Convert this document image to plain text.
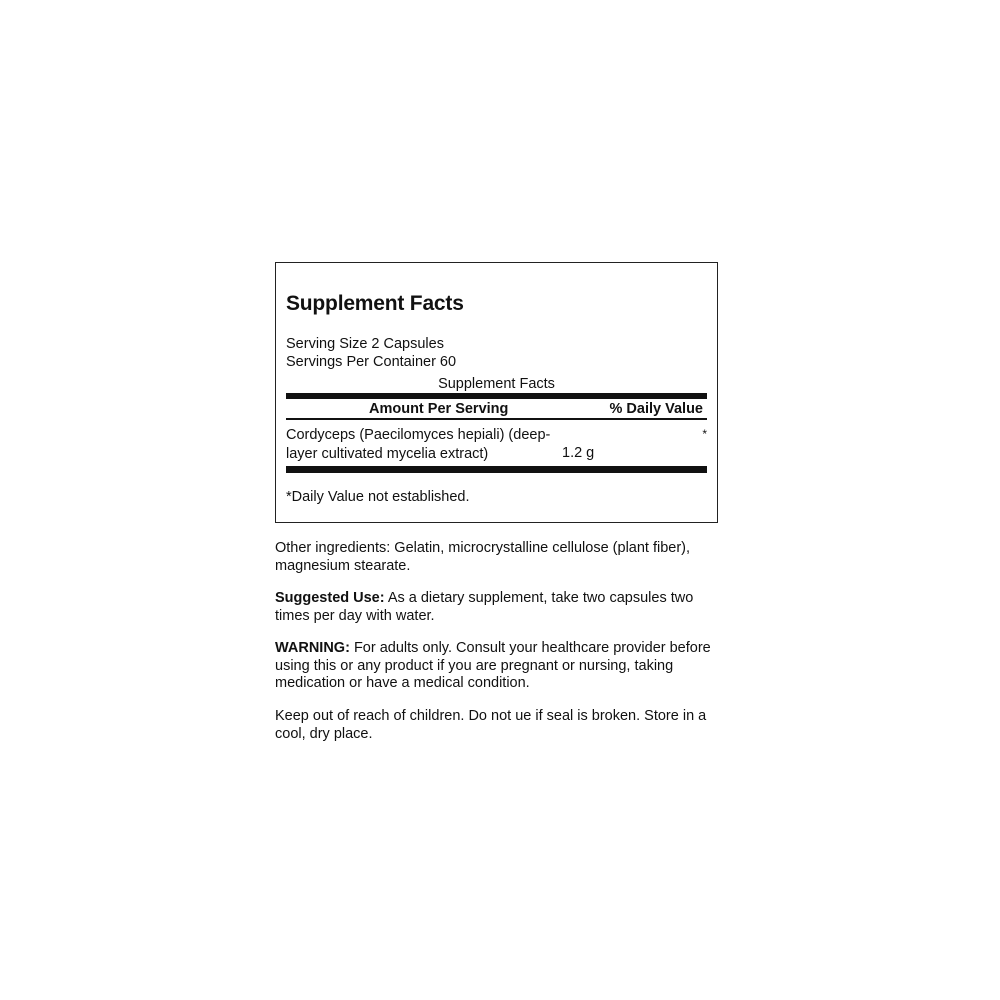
Supplement Facts
Serving Size 2 Capsules
Servings Per Container 60
Supplement Facts
Amount Per Serving	% Daily Value
Cordyceps (Paecilomyces hepiali) (deep-layer cultivated mycelia extract)	1.2 g
*
*Daily Value not established.
Other ingredients: Gelatin, microcrystalline cellulose (plant fiber), magnesium stearate.
Suggested Use: As a dietary supplement, take two capsules two times per day with water.
WARNING: For adults only. Consult your healthcare provider before using this or any product if you are pregnant or nursing, taking medication or have a medical condition.
Keep out of reach of children. Do not ue if seal is broken. Store in a cool, dry place.
